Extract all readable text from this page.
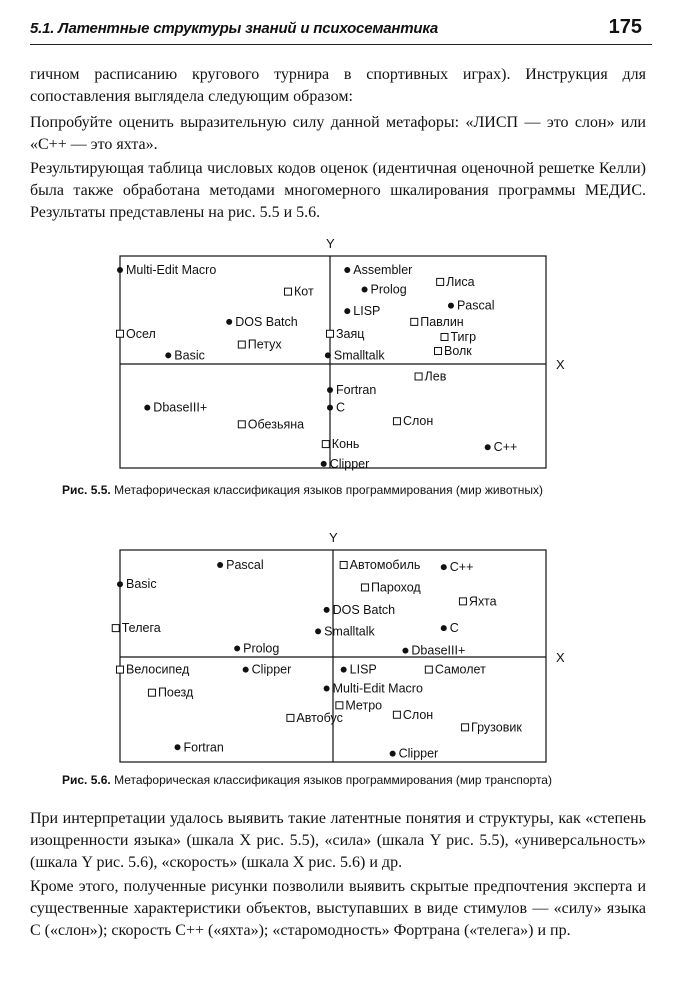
5.1. Латентные структуры знаний и психосемантика	175

гичном расписанию кругового турнира в спортивных играх). Инструкция для сопоставления выглядела следующим образом:

Попробуйте оценить выразительную силу данной метафоры: «ЛИСП — это слон» или «С++ — это яхта».

Результирующая таблица числовых кодов оценок (идентичная оценочной решетке Келли) была также обработана методами многомерного шкалирования программы МЕДИС. Результаты представлены на рис. 5.5 и 5.6.

Y
X
Multi-Edit Macro	Assembler
Лиса
Кот	Prolog
Pascal
LISP
DOS Batch	Павлин
Осел	Заяц	Тигр
Петух	Волк
Basic	Smalltalk
Лев
Fortran
DbaseIII+	C
Обезьяна	Слон
Конь	C++
Clipper
Рис. 5.5. Метафорическая классификация языков программирования (мир животных)
Y
X
Pascal	Автомобиль C++
Basic	Пароход
Яхта
DOS Batch
Телега	Smalltalk	C
Prolog	DbaseIII+
Велосипед	Clipper	LISP	Самолет
Поезд	Multi-Edit Macro
Метро
Автобус	Слон
Грузовик
Fortran	Clipper
Рис. 5.6. Метафорическая классификация языков программирования (мир транспорта)

При интерпретации удалось выявить такие латентные понятия и структуры, как «степень изощренности языка» (шкала X рис. 5.5), «сила» (шкала Y рис. 5.5), «универсальность» (шкала Y рис. 5.6), «скорость» (шкала X рис. 5.6) и др.

Кроме этого, полученные рисунки позволили выявить скрытые предпочтения эксперта и существенные характеристики объектов, выступавших в виде стимулов — «силу» языка С («слон»); скорость С++ («яхта»); «старомодность» Фортрана («телега») и пр.
